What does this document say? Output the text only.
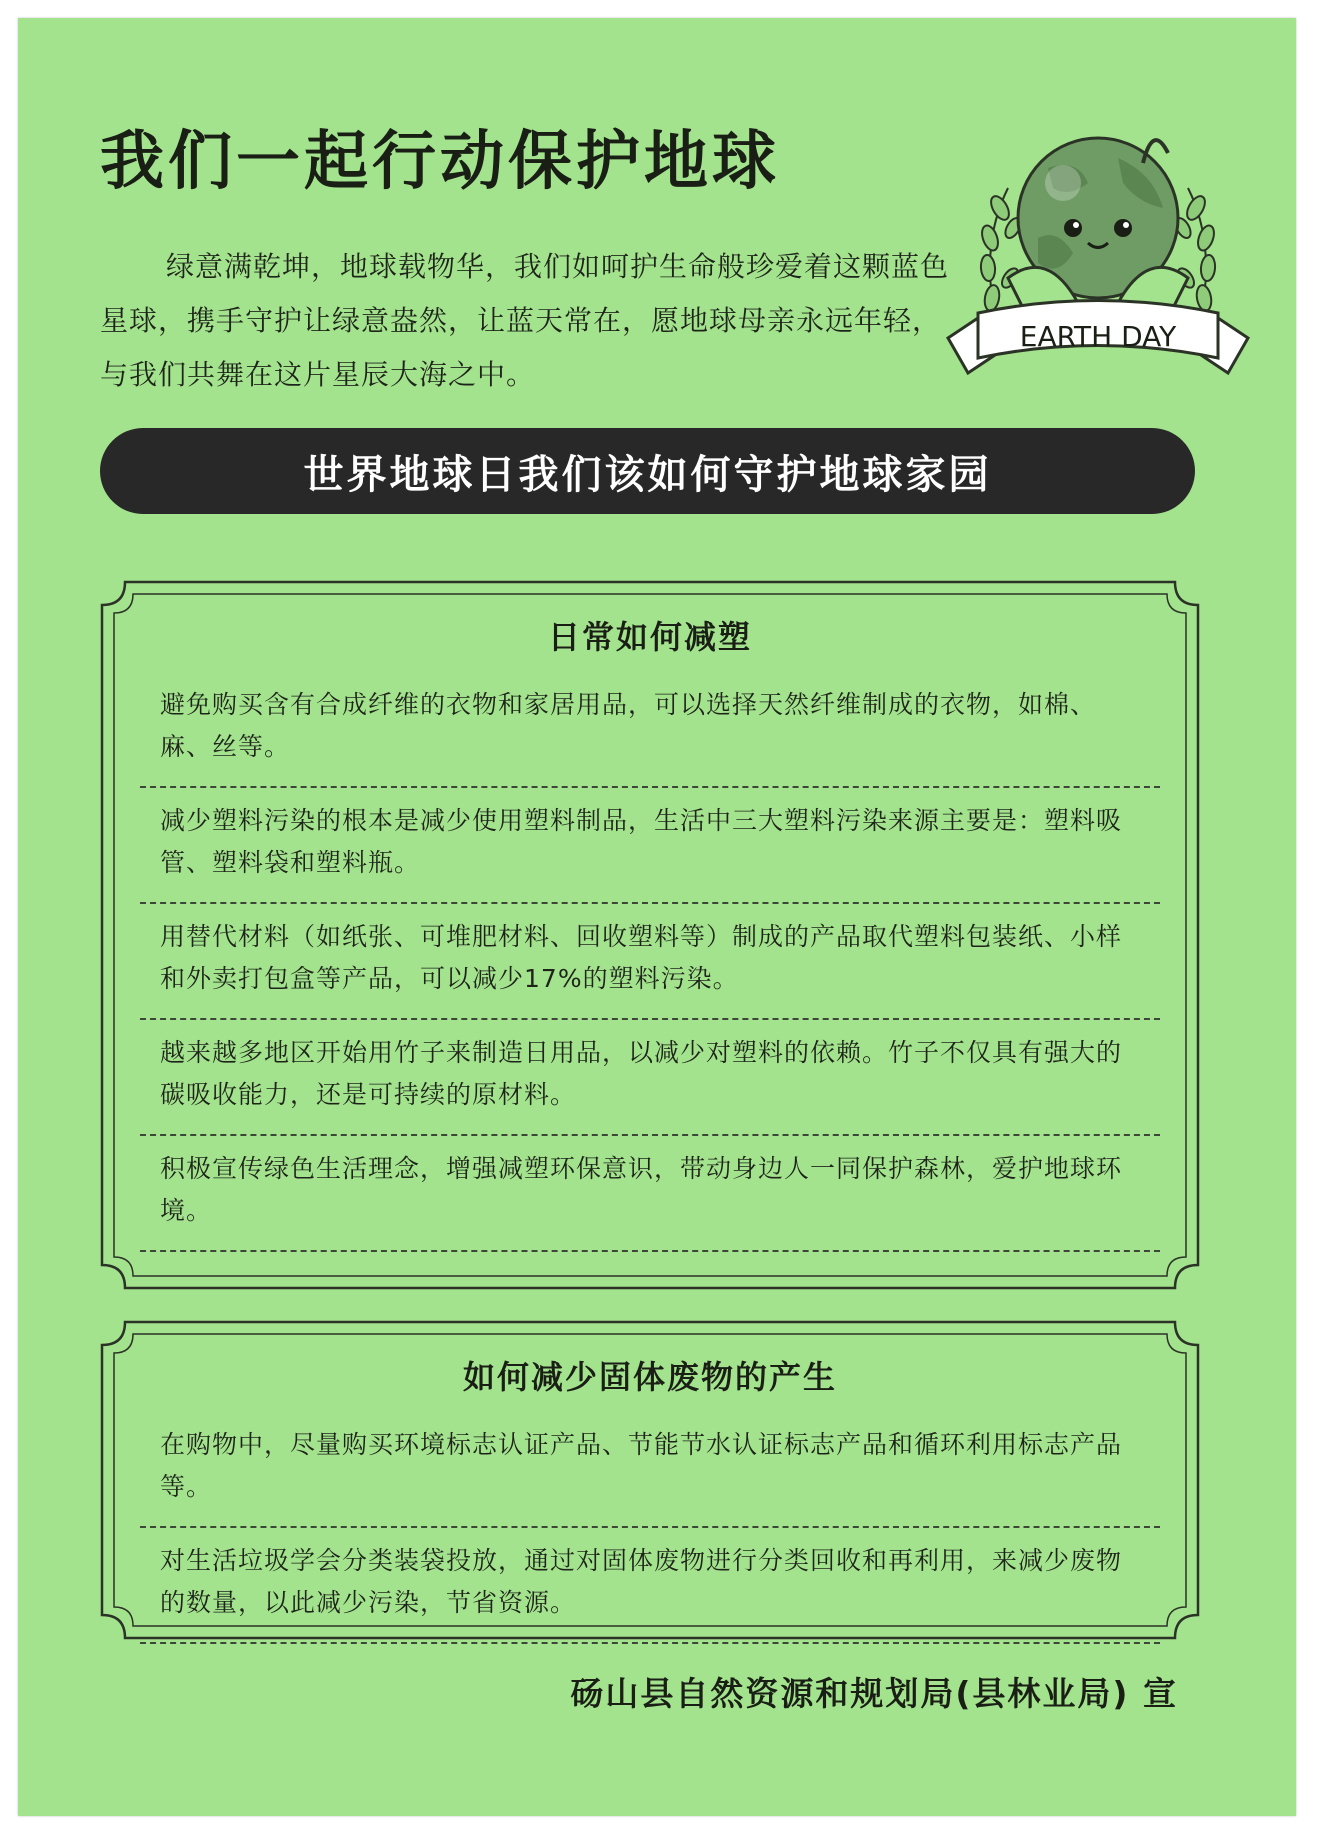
我们一起行动保护地球

绿意满乾坤，地球载物华，我们如呵护生命般珍爱着这颗蓝色星球，携手守护让绿意盎然，让蓝天常在，愿地球母亲永远年轻，与我们共舞在这片星辰大海之中。

EARTH DAY
世界地球日我们该如何守护地球家园
日常如何减塑
避免购买含有合成纤维的衣物和家居用品，可以选择天然纤维制成的衣物，如棉、麻、丝等。
减少塑料污染的根本是减少使用塑料制品，生活中三大塑料污染来源主要是：塑料吸管、塑料袋和塑料瓶。
用替代材料（如纸张、可堆肥材料、回收塑料等）制成的产品取代塑料包装纸、小样和外卖打包盒等产品，可以减少17%的塑料污染。
越来越多地区开始用竹子来制造日用品，以减少对塑料的依赖。竹子不仅具有强大的碳吸收能力，还是可持续的原材料。
积极宣传绿色生活理念，增强减塑环保意识，带动身边人一同保护森林，爱护地球环境。
如何减少固体废物的产生
在购物中，尽量购买环境标志认证产品、节能节水认证标志产品和循环利用标志产品等。
对生活垃圾学会分类装袋投放，通过对固体废物进行分类回收和再利用，来减少废物的数量，以此减少污染，节省资源。
砀山县自然资源和规划局(县林业局) 宣
